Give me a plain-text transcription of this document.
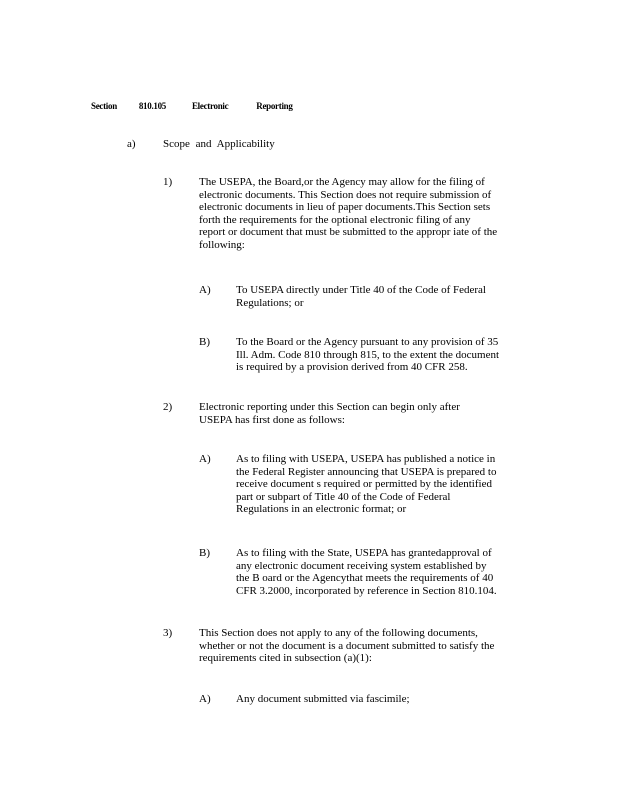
Section 810.105	Electronic	Reporting
a) Scope and Applicability
1) The USEPA, the Board,or the Agency may allow for the filing of
electronic documents. This Section does not require submission of
electronic documents in lieu of paper documents.This Section sets
forth the requirements for the optional electronic filing of any
report or document that must be submitted to the appropr iate of the
following:
A) To USEPA directly under Title 40 of the Code of Federal
Regulations; or
B) To the Board or the Agency pursuant to any provision of 35
Ill. Adm. Code 810 through 815, to the extent the document
is required by a provision derived from 40 CFR 258.
2) Electronic reporting under this Section can begin only after
USEPA has first done as follows:
A) As to filing with USEPA, USEPA has published a notice in
the Federal Register announcing that USEPA is prepared to
receive document s required or permitted by the identified
part or subpart of Title 40 of the Code of Federal
Regulations in an electronic format; or
B) As to filing with the State, USEPA has grantedapproval of
any electronic document receiving system established by
the B oard or the Agencythat meets the requirements of 40
CFR 3.2000, incorporated by reference in Section 810.104.
3) This Section does not apply to any of the following documents,
whether or not the document is a document submitted to satisfy the
requirements cited in subsection (a)(1):
A) Any document submitted via fascimile;
